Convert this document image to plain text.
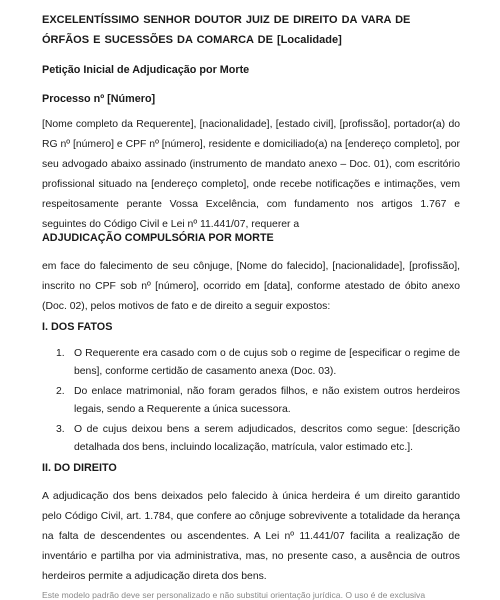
EXCELENTÍSSIMO SENHOR DOUTOR JUIZ DE DIREITO DA VARA DE ÓRFÃOS E SUCESSÕES DA COMARCA DE [Localidade]

Petição Inicial de Adjudicação por Morte

Processo nº [Número]

[Nome completo da Requerente], [nacionalidade], [estado civil], [profissão], portador(a) do RG nº [número] e CPF nº [número], residente e domiciliado(a) na [endereço completo], por seu advogado abaixo assinado (instrumento de mandato anexo – Doc. 01), com escritório profissional situado na [endereço completo], onde recebe notificações e intimações, vem respeitosamente perante Vossa Excelência, com fundamento nos artigos 1.767 e seguintes do Código Civil e Lei nº 11.441/07, requerer a

ADJUDICAÇÃO COMPULSÓRIA POR MORTE

em face do falecimento de seu cônjuge, [Nome do falecido], [nacionalidade], [profissão], inscrito no CPF sob nº [número], ocorrido em [data], conforme atestado de óbito anexo (Doc. 02), pelos motivos de fato e de direito a seguir expostos:

I. DOS FATOS

1. O Requerente era casado com o de cujus sob o regime de [especificar o regime de bens], conforme certidão de casamento anexa (Doc. 03).
2. Do enlace matrimonial, não foram gerados filhos, e não existem outros herdeiros legais, sendo a Requerente a única sucessora.
3. O de cujus deixou bens a serem adjudicados, descritos como segue: [descrição detalhada dos bens, incluindo localização, matrícula, valor estimado etc.].

II. DO DIREITO

A adjudicação dos bens deixados pelo falecido à única herdeira é um direito garantido pelo Código Civil, art. 1.784, que confere ao cônjuge sobrevivente a totalidade da herança na falta de descendentes ou ascendentes. A Lei nº 11.441/07 facilita a realização de inventário e partilha por via administrativa, mas, no presente caso, a ausência de outros herdeiros permite a adjudicação direta dos bens.

Este modelo padrão deve ser personalizado e não substitui orientação jurídica. O uso é de exclusiva
